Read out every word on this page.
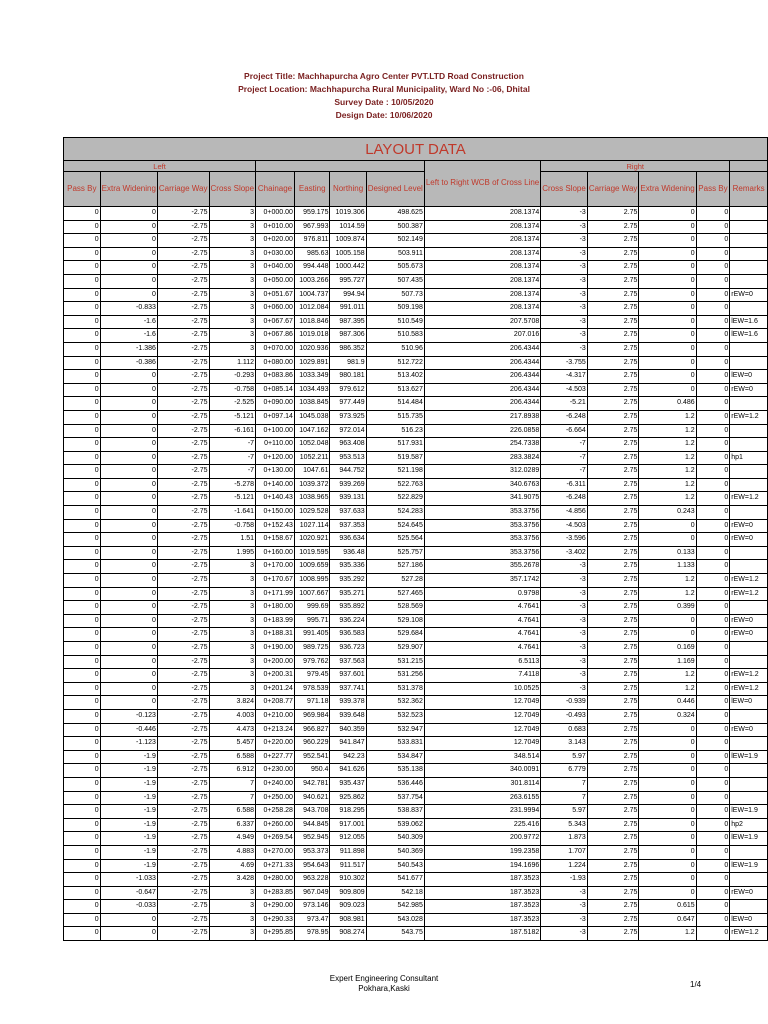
Project Title: Machhapurcha Agro Center PVT.LTD Road Construction
Project Location: Machhapurcha Rural Municipality, Ward No :-06, Dhital
Survey Date : 10/05/2020
Design Date: 10/06/2020
LAYOUT DATA													
Left								Left to Right WCB of Cross Line	Right				
Pass By	Extra Widening	Carriage Way	Cross Slope	Chainage	Easting	Northing	Designed Level		Cross Slope	Carriage Way	Extra Widening	Pass By	Remarks
0	0	-2.75	3	0+000.00	959.175	1019.306	498.625	208.1374	-3	2.75	0	0	
0	0	-2.75	3	0+010.00	967.993	1014.59	500.387	208.1374	-3	2.75	0	0	
0	0	-2.75	3	0+020.00	976.811	1009.874	502.149	208.1374	-3	2.75	0	0	
0	0	-2.75	3	0+030.00	985.63	1005.158	503.911	208.1374	-3	2.75	0	0	
0	0	-2.75	3	0+040.00	994.448	1000.442	505.673	208.1374	-3	2.75	0	0	
0	0	-2.75	3	0+050.00	1003.266	995.727	507.435	208.1374	-3	2.75	0	0	
0	0	-2.75	3	0+051.67	1004.737	994.94	507.73	208.1374	-3	2.75	0	0	rEW=0
0	-0.833	-2.75	3	0+060.00	1012.084	991.011	509.198	208.1374	-3	2.75	0	0	
0	-1.6	-2.75	3	0+067.67	1018.846	987.395	510.549	207.5708	-3	2.75	0	0	lEW=1.6
0	-1.6	-2.75	3	0+067.86	1019.018	987.306	510.583	207.016	-3	2.75	0	0	lEW=1.6
0	-1.386	-2.75	3	0+070.00	1020.936	986.352	510.96	206.4344	-3	2.75	0	0	
0	-0.386	-2.75	1.112	0+080.00	1029.891	981.9	512.722	206.4344	-3.755	2.75	0	0	
0	0	-2.75	-0.293	0+083.86	1033.349	980.181	513.402	206.4344	-4.317	2.75	0	0	lEW=0
0	0	-2.75	-0.758	0+085.14	1034.493	979.612	513.627	206.4344	-4.503	2.75	0	0	rEW=0
0	0	-2.75	-2.525	0+090.00	1038.845	977.449	514.484	206.4344	-5.21	2.75	0.486	0	
0	0	-2.75	-5.121	0+097.14	1045.038	973.925	515.735	217.8938	-6.248	2.75	1.2	0	rEW=1.2
0	0	-2.75	-6.161	0+100.00	1047.162	972.014	516.23	226.0858	-6.664	2.75	1.2	0	
0	0	-2.75	-7	0+110.00	1052.048	963.408	517.931	254.7338	-7	2.75	1.2	0	
0	0	-2.75	-7	0+120.00	1052.211	953.513	519.587	283.3824	-7	2.75	1.2	0	hp1
0	0	-2.75	-7	0+130.00	1047.61	944.752	521.198	312.0289	-7	2.75	1.2	0	
0	0	-2.75	-5.278	0+140.00	1039.372	939.269	522.763	340.6763	-6.311	2.75	1.2	0	
0	0	-2.75	-5.121	0+140.43	1038.965	939.131	522.829	341.9075	-6.248	2.75	1.2	0	rEW=1.2
0	0	-2.75	-1.641	0+150.00	1029.528	937.633	524.283	353.3756	-4.856	2.75	0.243	0	
0	0	-2.75	-0.758	0+152.43	1027.114	937.353	524.645	353.3756	-4.503	2.75	0	0	rEW=0
0	0	-2.75	1.51	0+158.67	1020.921	936.634	525.564	353.3756	-3.596	2.75	0	0	rEW=0
0	0	-2.75	1.995	0+160.00	1019.595	936.48	525.757	353.3756	-3.402	2.75	0.133	0	
0	0	-2.75	3	0+170.00	1009.659	935.336	527.186	355.2678	-3	2.75	1.133	0	
0	0	-2.75	3	0+170.67	1008.995	935.292	527.28	357.1742	-3	2.75	1.2	0	rEW=1.2
0	0	-2.75	3	0+171.99	1007.667	935.271	527.465	0.9798	-3	2.75	1.2	0	rEW=1.2
0	0	-2.75	3	0+180.00	999.69	935.892	528.569	4.7641	-3	2.75	0.399	0	
0	0	-2.75	3	0+183.99	995.71	936.224	529.108	4.7641	-3	2.75	0	0	rEW=0
0	0	-2.75	3	0+188.31	991.405	936.583	529.684	4.7641	-3	2.75	0	0	rEW=0
0	0	-2.75	3	0+190.00	989.725	936.723	529.907	4.7641	-3	2.75	0.169	0	
0	0	-2.75	3	0+200.00	979.762	937.563	531.215	6.5113	-3	2.75	1.169	0	
0	0	-2.75	3	0+200.31	979.45	937.601	531.256	7.4118	-3	2.75	1.2	0	rEW=1.2
0	0	-2.75	3	0+201.24	978.539	937.741	531.378	10.0525	-3	2.75	1.2	0	rEW=1.2
0	0	-2.75	3.824	0+208.77	971.18	939.378	532.362	12.7049	-0.939	2.75	0.446	0	lEW=0
0	-0.123	-2.75	4.003	0+210.00	969.984	939.648	532.523	12.7049	-0.493	2.75	0.324	0	
0	-0.446	-2.75	4.473	0+213.24	966.827	940.359	532.947	12.7049	0.683	2.75	0	0	rEW=0
0	-1.123	-2.75	5.457	0+220.00	960.229	941.847	533.831	12.7049	3.143	2.75	0	0	
0	-1.9	-2.75	6.588	0+227.77	952.541	942.23	534.847	348.514	5.97	2.75	0	0	lEW=1.9
0	-1.9	-2.75	6.912	0+230.00	950.4	941.626	535.138	340.0091	6.779	2.75	0	0	
0	-1.9	-2.75	7	0+240.00	942.781	935.437	536.446	301.8114	7	2.75	0	0	
0	-1.9	-2.75	7	0+250.00	940.621	925.862	537.754	263.6155	7	2.75	0	0	
0	-1.9	-2.75	6.588	0+258.28	943.708	918.295	538.837	231.9994	5.97	2.75	0	0	lEW=1.9
0	-1.9	-2.75	6.337	0+260.00	944.845	917.001	539.062	225.416	5.343	2.75	0	0	hp2
0	-1.9	-2.75	4.949	0+269.54	952.945	912.055	540.309	200.9772	1.873	2.75	0	0	lEW=1.9
0	-1.9	-2.75	4.883	0+270.00	953.373	911.898	540.369	199.2358	1.707	2.75	0	0	
0	-1.9	-2.75	4.69	0+271.33	954.643	911.517	540.543	194.1696	1.224	2.75	0	0	lEW=1.9
0	-1.033	-2.75	3.428	0+280.00	963.228	910.302	541.677	187.3523	-1.93	2.75	0	0	
0	-0.647	-2.75	3	0+283.85	967.049	909.809	542.18	187.3523	-3	2.75	0	0	rEW=0
0	-0.033	-2.75	3	0+290.00	973.146	909.023	542.985	187.3523	-3	2.75	0.615	0	
0	0	-2.75	3	0+290.33	973.47	908.981	543.028	187.3523	-3	2.75	0.647	0	lEW=0
0	0	-2.75	3	0+295.85	978.95	908.274	543.75	187.5182	-3	2.75	1.2	0	rEW=1.2
Expert Engineering Consultant
Pokhara,Kaski	1/4
